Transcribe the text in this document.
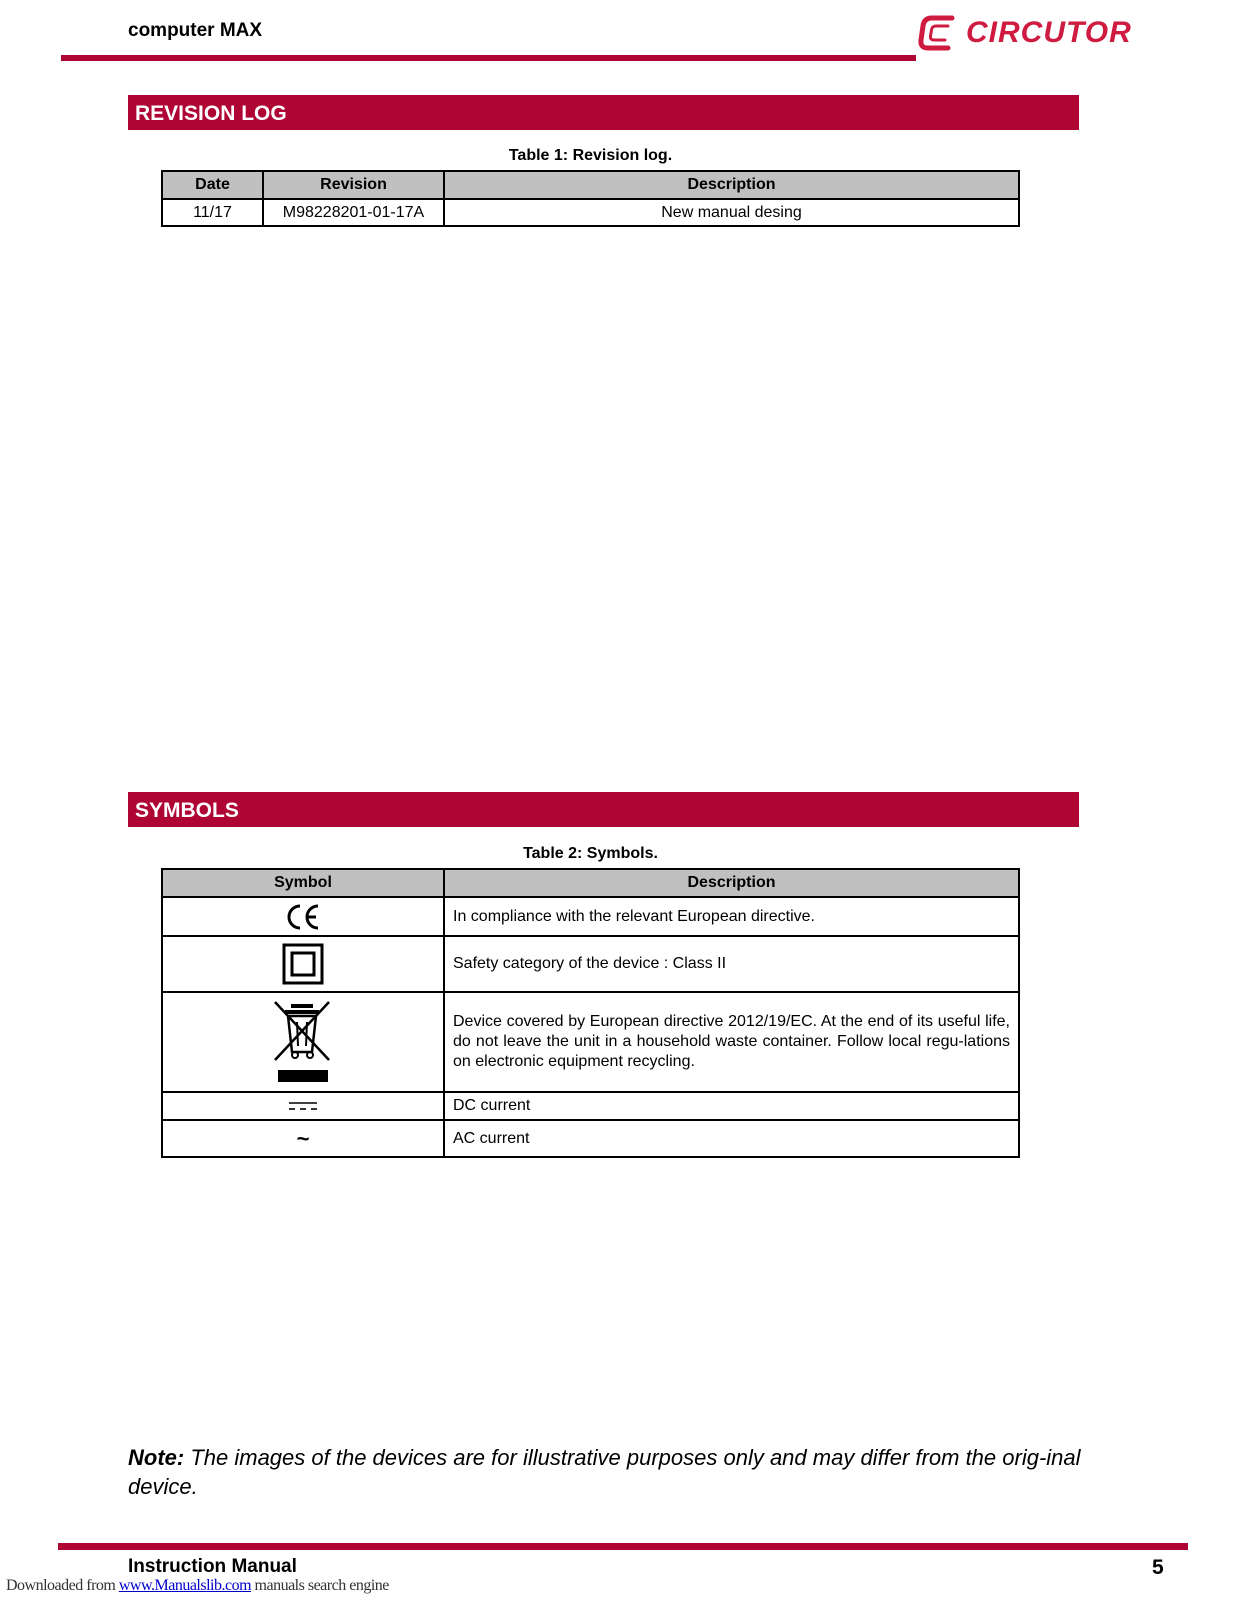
computer MAX	CIRCUTOR
REVISION LOG
Table 1: Revision log.
Date	Revision	Description
11/17	M98228201-01-17A	New manual desing
SYMBOLS
Table 2: Symbols.
Symbol	Description

	In compliance with the relevant European directive.

	Safety category of the device : Class II

	Device covered by European directive 2012/19/EC. At the end of its useful life, do not leave the unit in a household waste container. Follow local regu-lations on electronic equipment recycling.

	DC current
~	AC current
Note: The images of the devices are for illustrative purposes only and may differ from the orig-inal device.
Instruction Manual	5
Downloaded from www.Manualslib.com manuals search engine
